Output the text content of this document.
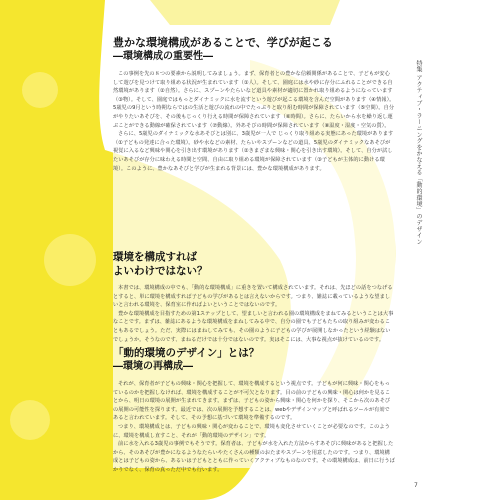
豊かな環境構成があることで、学びが起こる
―環境構成の重要性―

この事例を先の８つの要素から説明してみましょう。まず、保育者との豊かな信頼関係があることで、子どもが安心して遊びを見つけて取り組める状況が生まれています（①人）。そして、園庭には水や砂に存分にふれることができる自然環境があります（②自然）。さらに、スプーンやたらいなど道具や素材が適切に置かれ取り組めるようになっています（③物）。そして、園庭ではもっとダイナミックに水を流すという遊びが起こる環境を含んだ空間があります（④情報）。5歳児の9月という時期ならではの生活と遊びの流れの中でたっぷりと取り組む時間が保障されています（⑤空間）。自分がやりたいあそびを、その後もじっくり行える時間が保障されています（⑥時間）。さらに、たらいから水を繰り返し運ぶことができる動線が確保されています（⑦動線）。外あそびの時間が保障されています（⑧温度・湿度・空気の質）。

さらに、5歳児のダイナミックな水あそびとは別に、3歳児が一人で じっくり取り組める実態にあった環境があります（①子どもの発達に合った環境）。砂や水などの素材、たらいやスプーンなどの道具、5歳児のダイナミックなあそびが視覚に入るなど興味や関心を引き出す環境があります（②きまざまな興味・関心を引き出す環境）。そして、自分が試したいあそびが存分に味わえる時間と空間、自由に取り組める環境が保障されています（③子どもが主体的に動ける環境）。このように、豊かなあそびと学びが生まれる背景には、豊かな環境構成があります。

環境を構成すれば
よいわけではない？

本書では、環境構成の中でも、「動的な環境構成」に重きを置いて構成されています。それは、先ほどの話をつなげるとすると、単に環境を構成すれば子どもの学びがあるとは言えないからです。つまり、雑誌に載っているような望ましいと言われる環境を、保育室に作ればよいということではないのです。

豊かな環境構成を目指すための第1ステップとして、望ましいと言われる園の環境構成をまねてみるということは大事なことです。まずは、雑誌にあるような環境構成をまねしてみる中で、自分の園でも子どもたちの取り組みが変わることもあるでしょう。ただ、実際にはまねしてみても、その園のように子どもの学びが展開しなかったという経験はないでしょうか。そうなのです、まねるだけでは十分ではないのです。実はそこには、大事な視点が抜けているのです。

「動的環境のデザイン」とは？
―環境の再構成―

それが、保育者が子どもの興味・関心を把握して、環境を構成するという視点です。子どもが何に興味・関心をもっているのかを把握しなければ、環境を構成することが不可欠となります。目の前の子どもの興味・関心は何かを見ることから、明日の環境の展開が生まれてきます。まずは、子どもの姿から興味・関心を何かを探り、そこから次のあそびの展開の可能性を探ります。最近では、次の展開を予想することは、webやデザインマップと呼ばれるツールが有効であると言われています。そして、その予想に基づいて環境を準備するのです。

つまり、環境構成とは、子どもの興味・関心が変わることで、環境も変化させていくことが必要なのです。このように、環境を構成し直すこと、それが「動的環境のデザイン」です。

前に水を入れる3歳児の事例でもそうです。保育者は、子どもが水を入れた方法からすあそびに興味があると把握したから、そのあそびが豊かになるようなたらいやたくさんの種類のおたまやスプーンを用意したのです。つまり、環境構成とは子どもの姿から、あるいは子どもとともに作っていくアクティブなものなのです。その環境構成は、前日に行うばかりでなく、保育の真っただ中でも行います。

特集 アクティブ・ラーニングをかなえる「動的環境」のデザイン
7
